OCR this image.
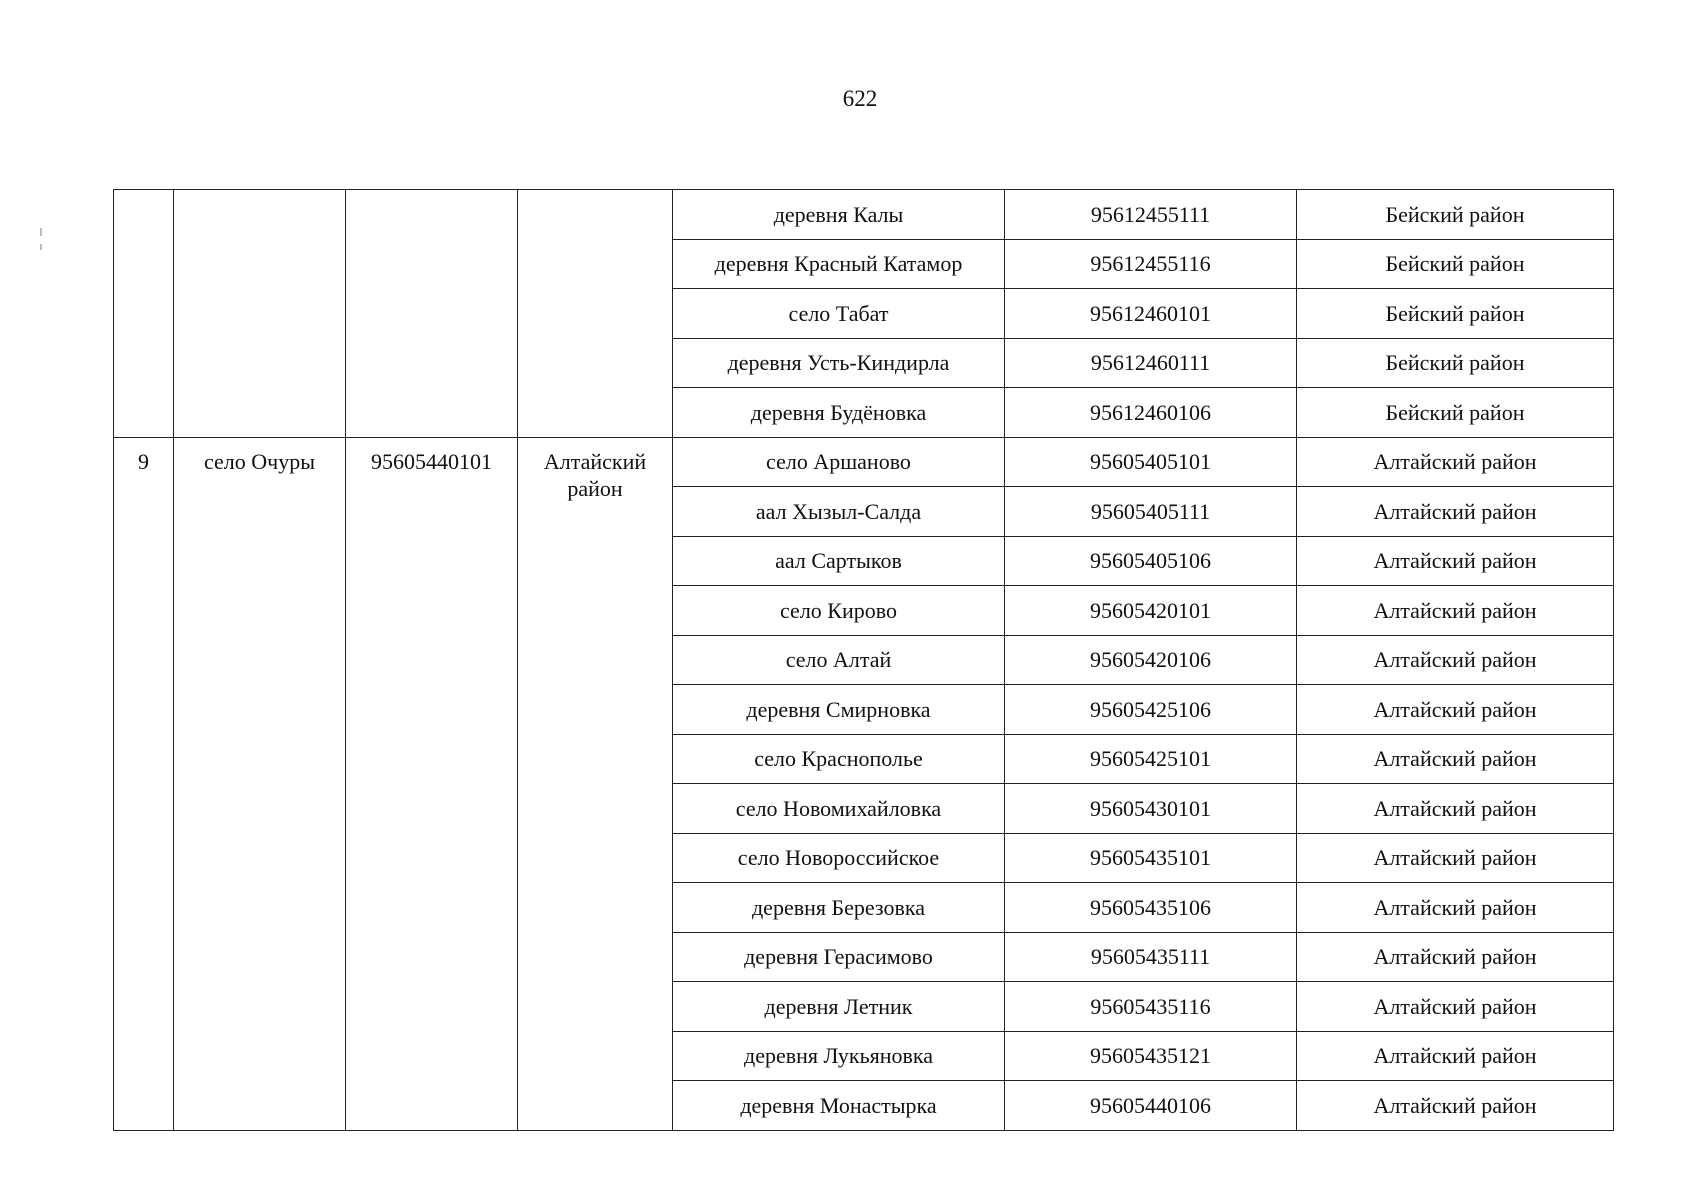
622
				деревня Калы	95612455111	Бейский район
				деревня Красный Катамор	95612455116	Бейский район
				село Табат	95612460101	Бейский район
				деревня Усть-Киндирла	95612460111	Бейский район
				деревня Будёновка	95612460106	Бейский район
9	село Очуры	95605440101	Алтайский район	село Аршаново	95605405101	Алтайский район
				аал Хызыл-Салда	95605405111	Алтайский район
				аал Сартыков	95605405106	Алтайский район
				село Кирово	95605420101	Алтайский район
				село Алтай	95605420106	Алтайский район
				деревня Смирновка	95605425106	Алтайский район
				село Краснополье	95605425101	Алтайский район
				село Новомихайловка	95605430101	Алтайский район
				село Новороссийское	95605435101	Алтайский район
				деревня Березовка	95605435106	Алтайский район
				деревня Герасимово	95605435111	Алтайский район
				деревня Летник	95605435116	Алтайский район
				деревня Лукьяновка	95605435121	Алтайский район
				деревня Монастырка	95605440106	Алтайский район
